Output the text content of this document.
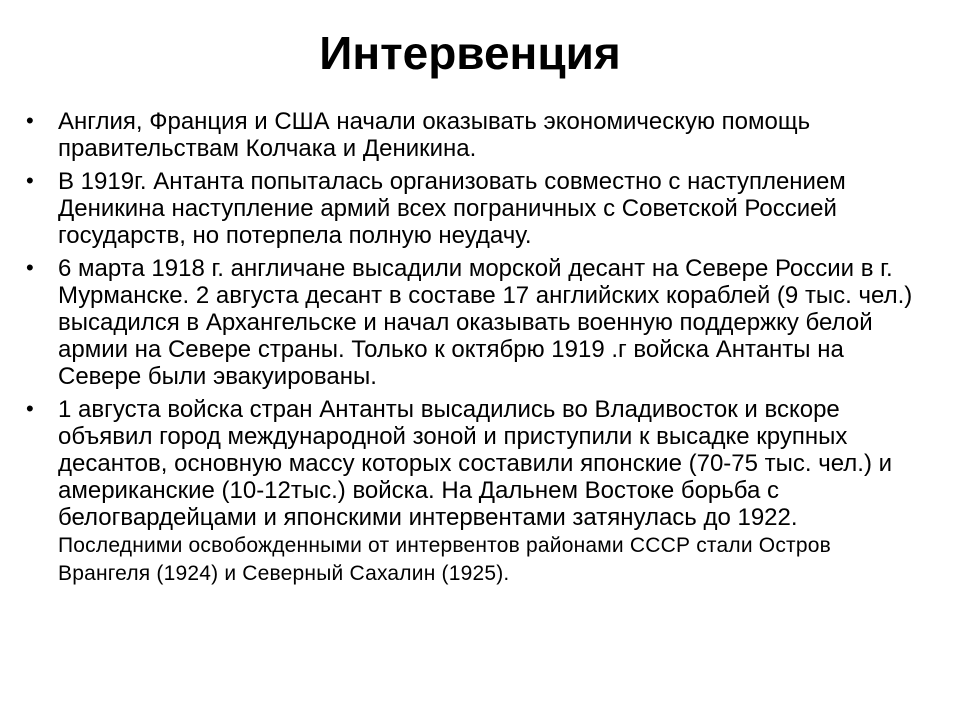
Интервенция
• Англия, Франция и США начали оказывать экономическую помощь правительствам Колчака и Деникина.
• В 1919г. Антанта попыталась организовать совместно с наступлением Деникина наступление армий всех пограничных с Советской Россией государств, но потерпела полную неудачу.
• 6 марта 1918 г. англичане высадили морской десант на Севере России в г. Мурманске. 2 августа десант в составе 17 английских кораблей (9 тыс. чел.) высадился в Архангельске и начал оказывать военную поддержку белой армии на Севере страны. Только к октябрю 1919 .г войска Антанты на Севере были эвакуированы.
• 1 августа войска стран Антанты высадились во Владивосток и вскоре объявил город международной зоной и приступили к высадке крупных десантов, основную массу которых составили японские (70-75 тыс. чел.) и американские (10-12тыс.) войска. На Дальнем Востоке борьба с белогвардейцами и японскими интервентами затянулась до 1922. Последними освобожденными от интервентов районами СССР стали Остров Врангеля (1924) и Северный Сахалин (1925).
